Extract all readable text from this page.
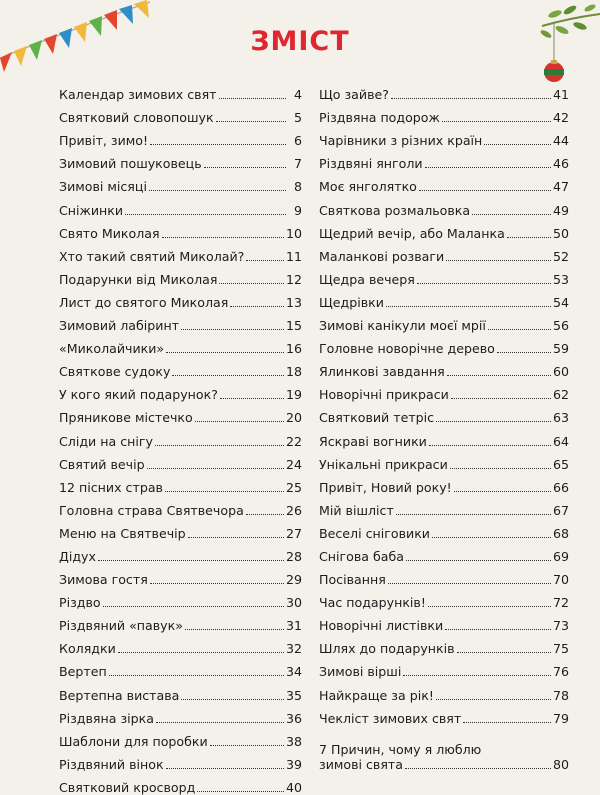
ЗМІСТ
Календар зимових свят	4
Святковий словопошук	5
Привіт, зимо!	6
Зимовий пошуковець	7
Зимові місяці	8
Сніжинки	9
Свято Миколая	10
Хто такий святий Миколай?	11
Подарунки від Миколая	12
Лист до святого Миколая	13
Зимовий лабіринт	15
«Миколайчики»	16
Святкове судоку	18
У кого який подарунок?	19
Пряникове містечко	20
Сліди на снігу	22
Святий вечір	24
12 пісних страв	25
Головна страва Святвечора	26
Меню на Святвечір	27
Дідух	28
Зимова гостя	29
Різдво	30
Різдвяний «павук»	31
Колядки	32
Вертеп	34
Вертепна вистава	35
Різдвяна зірка	36
Шаблони для поробки	38
Різдвяний вінок	39
Святковий кросворд	40
Що зайве?	41
Різдвяна подорож	42
Чарівники з різних країн	44
Різдвяні янголи	46
Моє янголятко	47
Святкова розмальовка	49
Щедрий вечір, або Маланка	50
Маланкові розваги	52
Щедра вечеря	53
Щедрівки	54
Зимові канікули моєї мрії	56
Головне новорічне дерево	59
Ялинкові завдання	60
Новорічні прикраси	62
Святковий тетріс	63
Яскраві вогники	64
Унікальні прикраси	65
Привіт, Новий року!	66
Мій вішліст	67
Веселі сніговики	68
Снігова баба	69
Посівання	70
Час подарунків!	72
Новорічні листівки	73
Шлях до подарунків	75
Зимові вірші	76
Найкраще за рік!	78
Чекліст зимових свят	79
7 Причин, чому я люблю
зимові свята	80
